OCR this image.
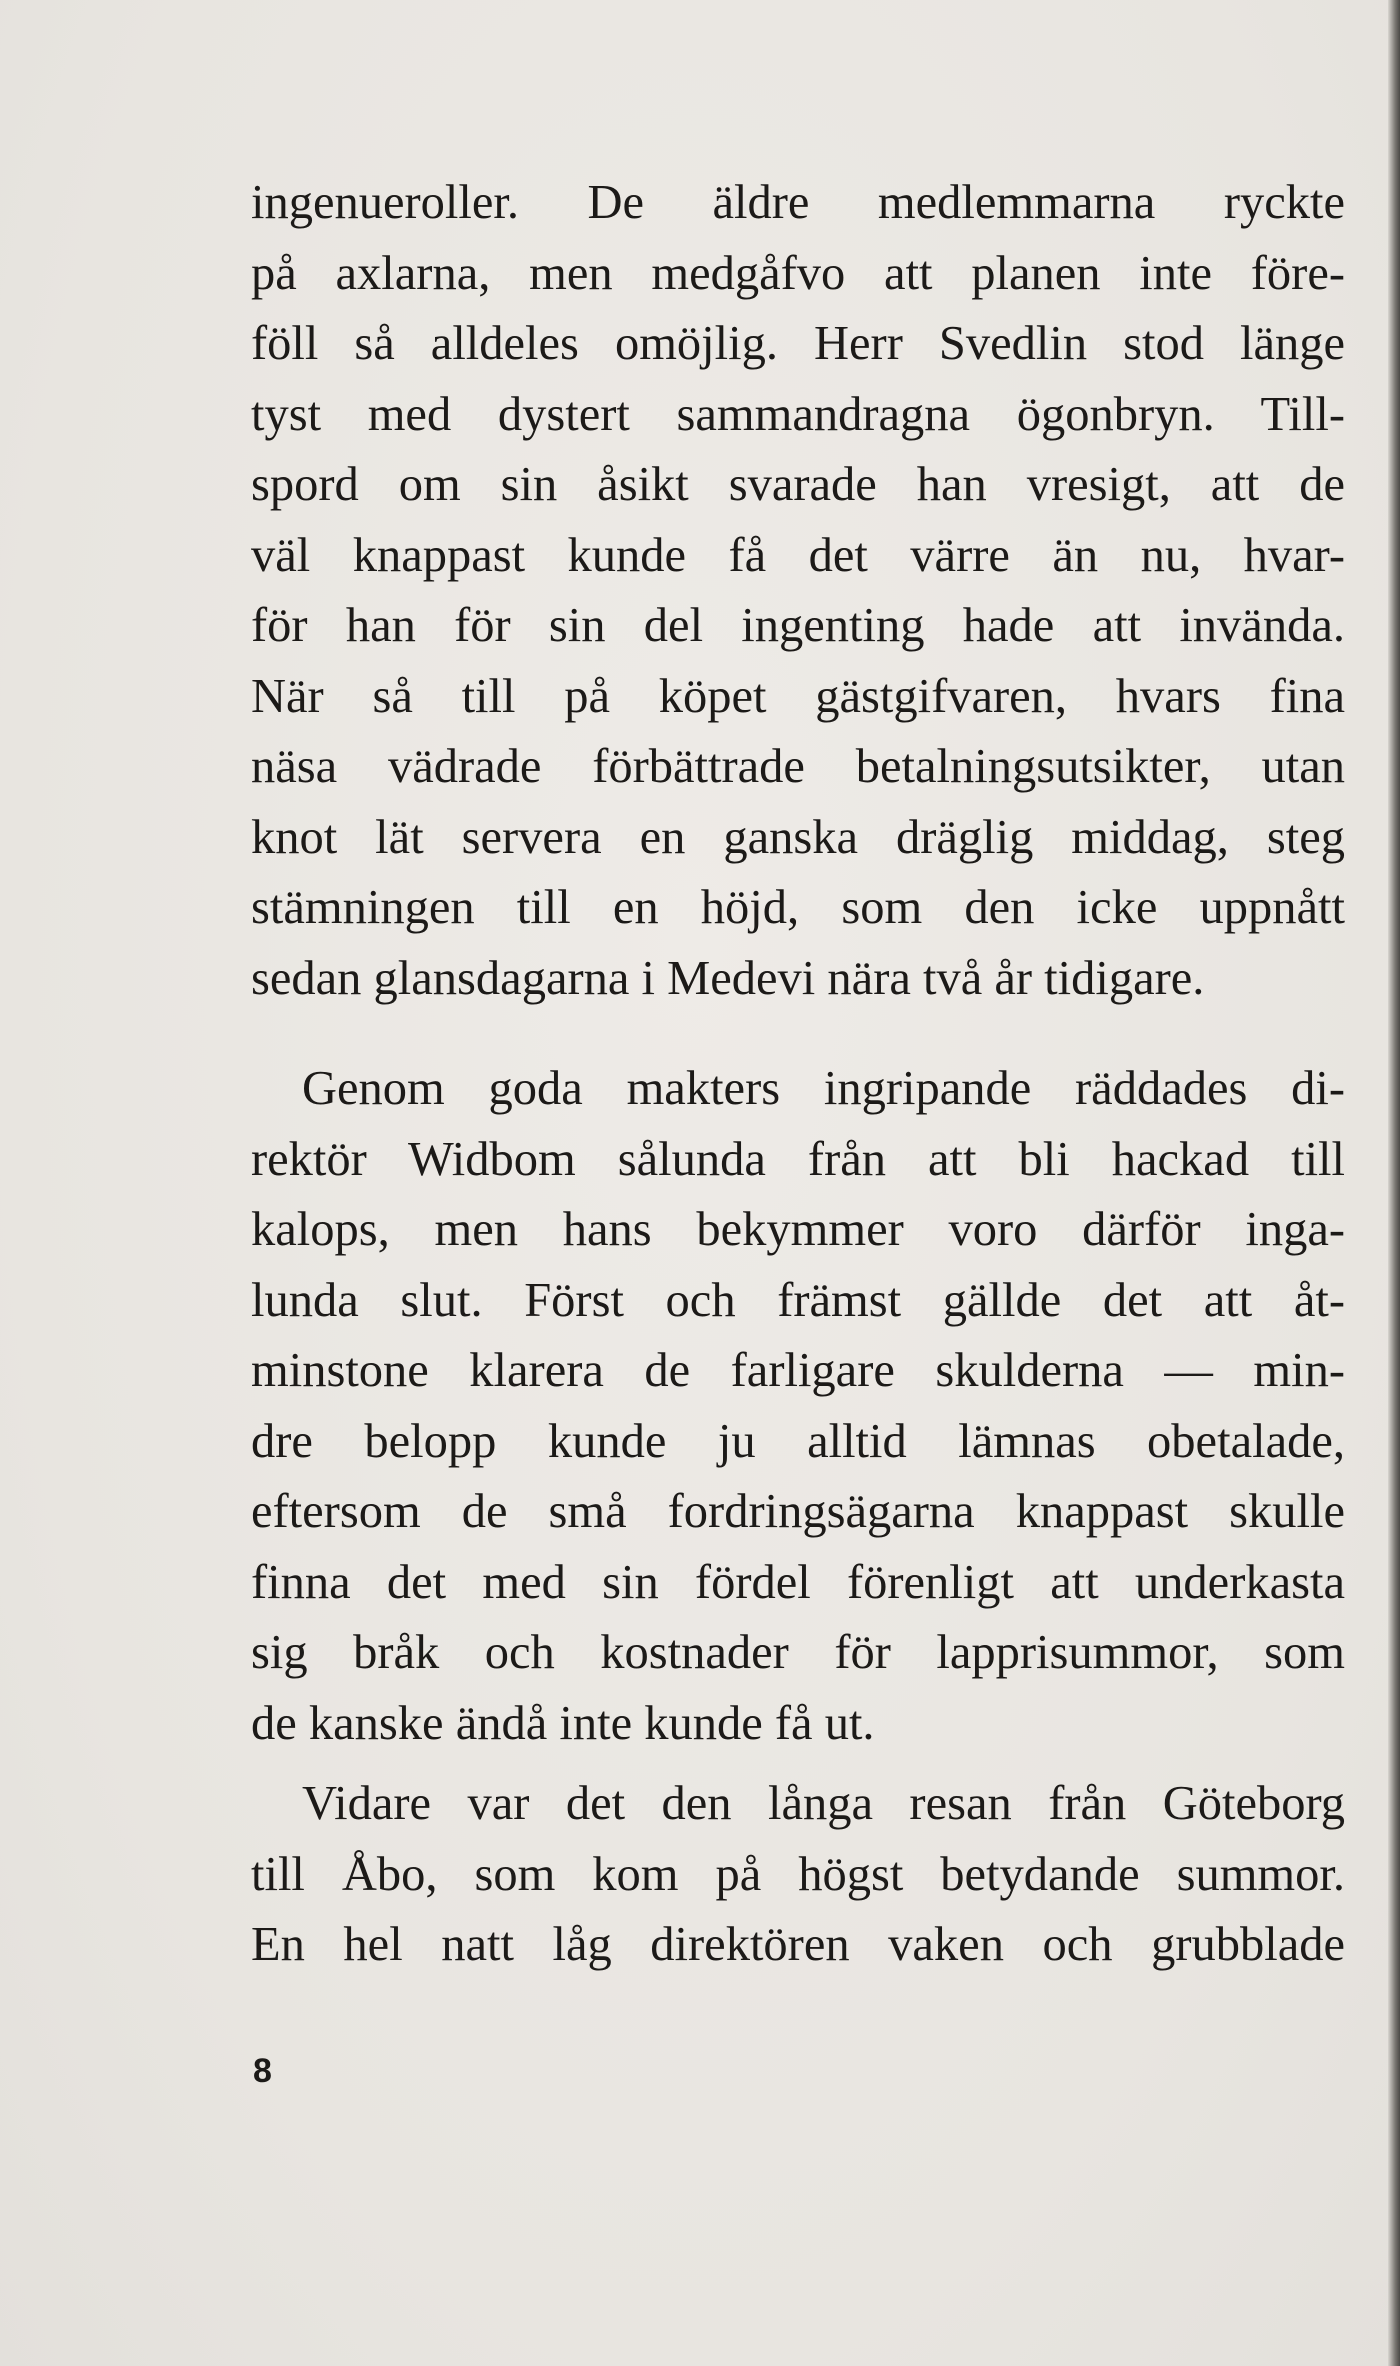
ingenueroller. De äldre medlemmarna ryckte
på axlarna, men medgåfvo att planen inte före-
föll så alldeles omöjlig. Herr Svedlin stod länge
tyst med dystert sammandragna ögonbryn. Till-
spord om sin åsikt svarade han vresigt, att de
väl knappast kunde få det värre än nu, hvar-
för han för sin del ingenting hade att invända.
När så till på köpet gästgifvaren, hvars fina
näsa vädrade förbättrade betalningsutsikter, utan
knot lät servera en ganska dräglig middag, steg
stämningen till en höjd, som den icke uppnått
sedan glansdagarna i Medevi nära två år tidigare.
Genom goda makters ingripande räddades di-
rektör Widbom sålunda från att bli hackad till
kalops, men hans bekymmer voro därför inga-
lunda slut. Först och främst gällde det att åt-
minstone klarera de farligare skulderna — min-
dre belopp kunde ju alltid lämnas obetalade,
eftersom de små fordringsägarna knappast skulle
finna det med sin fördel förenligt att underkasta
sig bråk och kostnader för lapprisummor, som
de kanske ändå inte kunde få ut.
Vidare var det den långa resan från Göteborg
till Åbo, som kom på högst betydande summor.
En hel natt låg direktören vaken och grubblade
8
